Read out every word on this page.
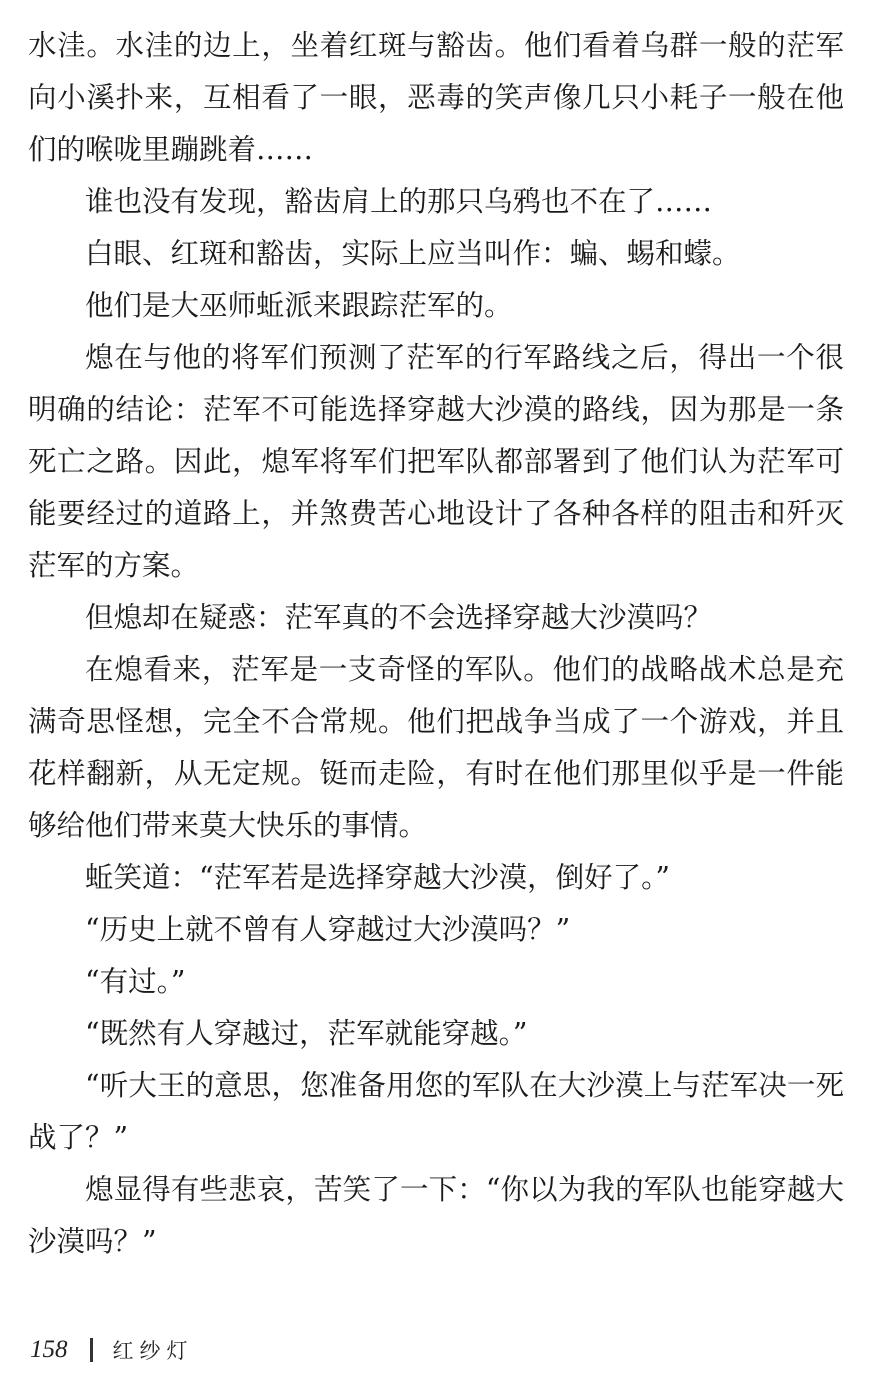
水洼。水洼的边上，坐着红斑与豁齿。他们看着乌群一般的茫军向小溪扑来，互相看了一眼，恶毒的笑声像几只小耗子一般在他们的喉咙里蹦跳着……

谁也没有发现，豁齿肩上的那只乌鸦也不在了……

白眼、红斑和豁齿，实际上应当叫作：蝙、蜴和蠓。

他们是大巫师蚯派来跟踪茫军的。

熄在与他的将军们预测了茫军的行军路线之后，得出一个很明确的结论：茫军不可能选择穿越大沙漠的路线，因为那是一条死亡之路。因此，熄军将军们把军队都部署到了他们认为茫军可能要经过的道路上，并煞费苦心地设计了各种各样的阻击和歼灭茫军的方案。

但熄却在疑惑：茫军真的不会选择穿越大沙漠吗？

在熄看来，茫军是一支奇怪的军队。他们的战略战术总是充满奇思怪想，完全不合常规。他们把战争当成了一个游戏，并且花样翻新，从无定规。铤而走险，有时在他们那里似乎是一件能够给他们带来莫大快乐的事情。

蚯笑道：“茫军若是选择穿越大沙漠，倒好了。”

“历史上就不曾有人穿越过大沙漠吗？”

“有过。”

“既然有人穿越过，茫军就能穿越。”

“听大王的意思，您准备用您的军队在大沙漠上与茫军决一死战了？”

熄显得有些悲哀，苦笑了一下：“你以为我的军队也能穿越大沙漠吗？”

158 红纱灯
